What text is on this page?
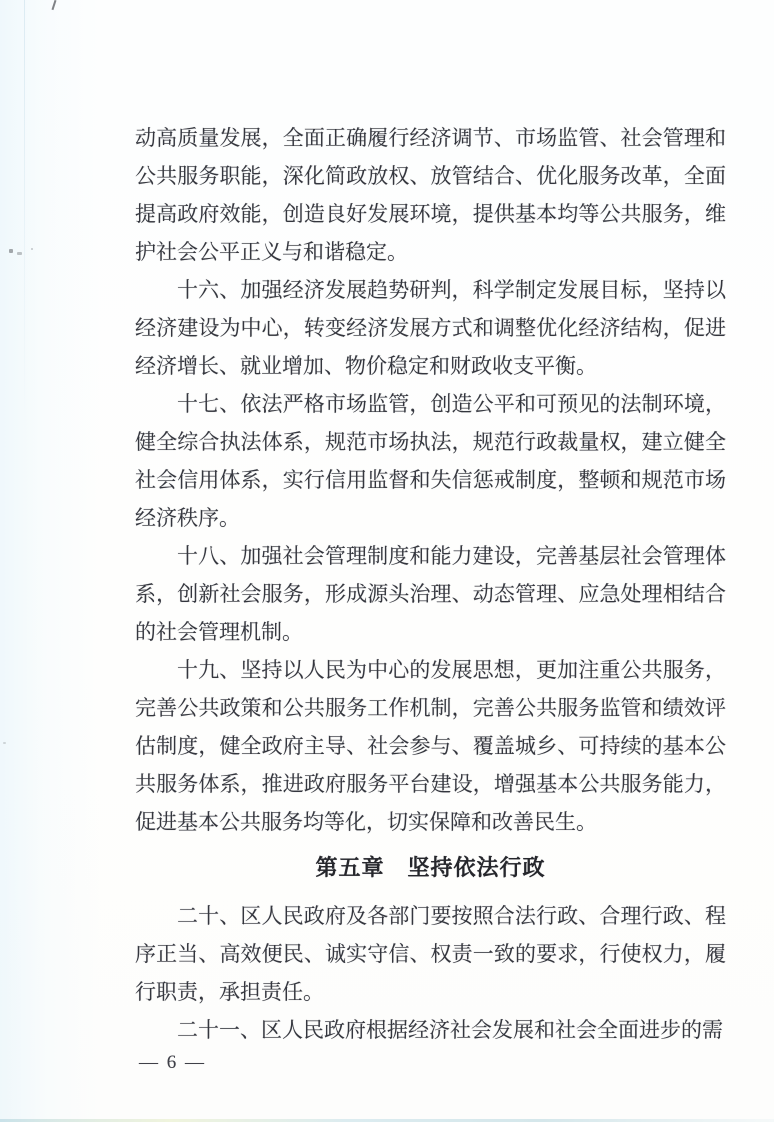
动高质量发展，全面正确履行经济调节、市场监管、社会管理和公共服务职能，深化简政放权、放管结合、优化服务改革，全面提高政府效能，创造良好发展环境，提供基本均等公共服务，维护社会公平正义与和谐稳定。

十六、加强经济发展趋势研判，科学制定发展目标，坚持以经济建设为中心，转变经济发展方式和调整优化经济结构，促进经济增长、就业增加、物价稳定和财政收支平衡。

十七、依法严格市场监管，创造公平和可预见的法制环境，健全综合执法体系，规范市场执法，规范行政裁量权，建立健全社会信用体系，实行信用监督和失信惩戒制度，整顿和规范市场经济秩序。

十八、加强社会管理制度和能力建设，完善基层社会管理体系，创新社会服务，形成源头治理、动态管理、应急处理相结合的社会管理机制。

十九、坚持以人民为中心的发展思想，更加注重公共服务，完善公共政策和公共服务工作机制，完善公共服务监管和绩效评估制度，健全政府主导、社会参与、覆盖城乡、可持续的基本公共服务体系，推进政府服务平台建设，增强基本公共服务能力，促进基本公共服务均等化，切实保障和改善民生。

第五章　坚持依法行政

二十、区人民政府及各部门要按照合法行政、合理行政、程序正当、高效便民、诚实守信、权责一致的要求，行使权力，履行职责，承担责任。

二十一、区人民政府根据经济社会发展和社会全面进步的需

— 6 —
